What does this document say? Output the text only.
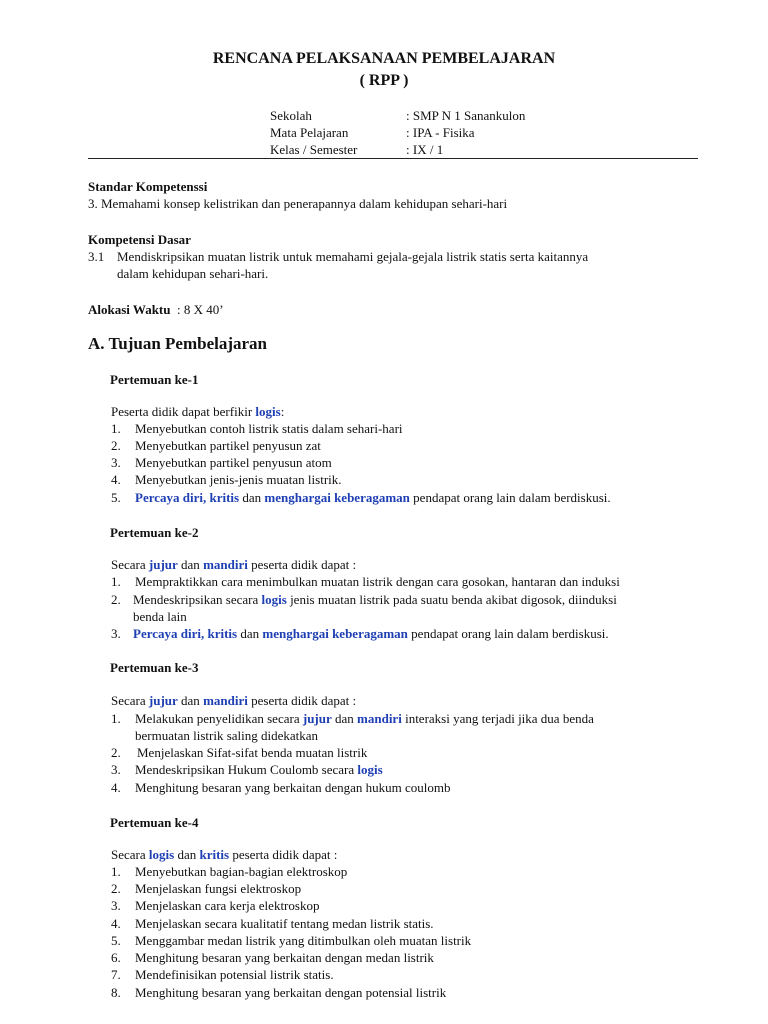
RENCANA PELAKSANAAN PEMBELAJARAN
( RPP )
Sekolah	: SMP N 1 Sanankulon
Mata Pelajaran	: IPA - Fisika
Kelas / Semester	: IX / 1
Standar Kompetenssi
3. Memahami konsep kelistrikan dan penerapannya dalam kehidupan sehari-hari
Kompetensi Dasar
3.1 Mendiskripsikan muatan listrik untuk memahami gejala-gejala listrik statis serta kaitannya
dalam kehidupan sehari-hari.
Alokasi Waktu : 8 X 40’
A. Tujuan Pembelajaran
Pertemuan ke-1
Peserta didik dapat berfikir logis:
1. Menyebutkan contoh listrik statis dalam sehari-hari
2. Menyebutkan partikel penyusun zat
3. Menyebutkan partikel penyusun atom
4. Menyebutkan jenis-jenis muatan listrik.
5. Percaya diri, kritis dan menghargai keberagaman pendapat orang lain dalam berdiskusi.
Pertemuan ke-2
Secara jujur dan mandiri peserta didik dapat :
1. Mempraktikkan cara menimbulkan muatan listrik dengan cara gosokan, hantaran dan induksi
2. Mendeskripsikan secara logis jenis muatan listrik pada suatu benda akibat digosok, diinduksi
benda lain
3. Percaya diri, kritis dan menghargai keberagaman pendapat orang lain dalam berdiskusi.
Pertemuan ke-3
Secara jujur dan mandiri peserta didik dapat :
1. Melakukan penyelidikan secara jujur dan mandiri interaksi yang terjadi jika dua benda
bermuatan listrik saling didekatkan
2. Menjelaskan Sifat-sifat benda muatan listrik
3. Mendeskripsikan Hukum Coulomb secara logis
4. Menghitung besaran yang berkaitan dengan hukum coulomb
Pertemuan ke-4
Secara logis dan kritis peserta didik dapat :
1. Menyebutkan bagian-bagian elektroskop
2. Menjelaskan fungsi elektroskop
3. Menjelaskan cara kerja elektroskop
4. Menjelaskan secara kualitatif tentang medan listrik statis.
5. Menggambar medan listrik yang ditimbulkan oleh muatan listrik
6. Menghitung besaran yang berkaitan dengan medan listrik
7. Mendefinisikan potensial listrik statis.
8. Menghitung besaran yang berkaitan dengan potensial listrik
